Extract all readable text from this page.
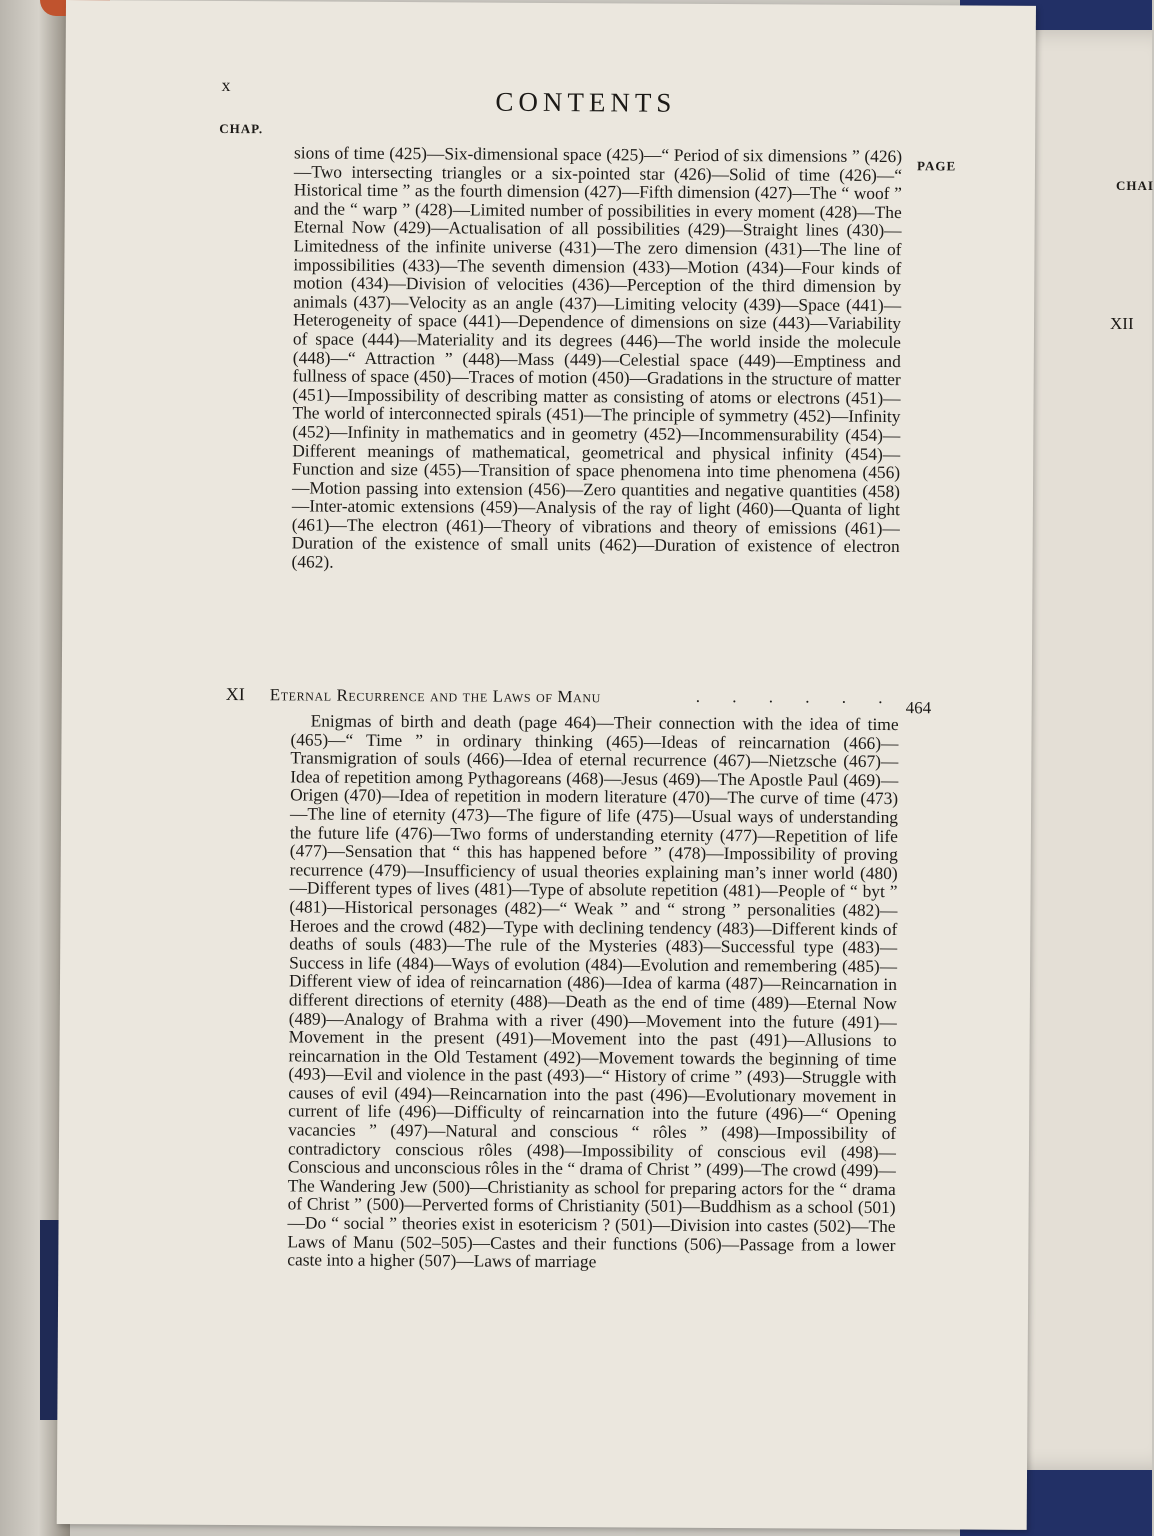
CHAI
XII
x
CONTENTS
CHAP.
PAGE
sions of time (425)—Six-dimensional space (425)—“ Period of six dimensions ” (426)—Two intersecting triangles or a six-pointed star (426)—Solid of time (426)—“ Historical time ” as the fourth dimension (427)—Fifth dimension (427)—The “ woof ” and the “ warp ” (428)—Limited number of possibilities in every moment (428)—The Eternal Now (429)—Actualisation of all possibilities (429)—Straight lines (430)—Limitedness of the infinite universe (431)—The zero dimension (431)—The line of impossibilities (433)—The seventh dimension (433)—Motion (434)—Four kinds of motion (434)—Division of velocities (436)—Perception of the third dimension by animals (437)—Velocity as an angle (437)—Limiting velocity (439)—Space (441)—Heterogeneity of space (441)—Dependence of dimensions on size (443)—Variability of space (444)—Materiality and its degrees (446)—The world inside the molecule (448)—“ Attraction ” (448)—Mass (449)—Celestial space (449)—Emptiness and fullness of space (450)—Traces of motion (450)—Gradations in the structure of matter (451)—Impossibility of describing matter as consisting of atoms or electrons (451)—The world of interconnected spirals (451)—The principle of symmetry (452)—Infinity (452)—Infinity in mathematics and in geometry (452)—Incommensurability (454)—Different meanings of mathematical, geometrical and physical infinity (454)—Function and size (455)—Transition of space phenomena into time phenomena (456)—Motion passing into extension (456)—Zero quantities and negative quantities (458)—Inter-atomic extensions (459)—Analysis of the ray of light (460)—Quanta of light (461)—The electron (461)—Theory of vibrations and theory of emissions (461)—Duration of the existence of small units (462)—Duration of existence of electron (462).
XI Eternal Recurrence and the Laws of Manu	. . . . . .
464
Enigmas of birth and death (page 464)—Their connection with the idea of time (465)—“ Time ” in ordinary thinking (465)—Ideas of reincarnation (466)—Transmigration of souls (466)—Idea of eternal recurrence (467)—Nietzsche (467)—Idea of repetition among Pythagoreans (468)—Jesus (469)—The Apostle Paul (469)—Origen (470)—Idea of repetition in modern literature (470)—The curve of time (473)—The line of eternity (473)—The figure of life (475)—Usual ways of understanding the future life (476)—Two forms of understanding eternity (477)—Repetition of life (477)—Sensation that “ this has happened before ” (478)—Impossibility of proving recurrence (479)—Insufficiency of usual theories explaining man’s inner world (480)—Different types of lives (481)—Type of absolute repetition (481)—People of “ byt ” (481)—Historical personages (482)—“ Weak ” and “ strong ” personalities (482)—Heroes and the crowd (482)—Type with declining tendency (483)—Different kinds of deaths of souls (483)—The rule of the Mysteries (483)—Successful type (483)—Success in life (484)—Ways of evolution (484)—Evolution and remembering (485)—Different view of idea of reincarnation (486)—Idea of karma (487)—Reincarnation in different directions of eternity (488)—Death as the end of time (489)—Eternal Now (489)—Analogy of Brahma with a river (490)—Movement into the future (491)—Movement in the present (491)—Movement into the past (491)—Allusions to reincarnation in the Old Testament (492)—Movement towards the beginning of time (493)—Evil and violence in the past (493)—“ History of crime ” (493)—Struggle with causes of evil (494)—Reincarnation into the past (496)—Evolutionary movement in current of life (496)—Difficulty of reincarnation into the future (496)—“ Opening vacancies ” (497)—Natural and conscious “ rôles ” (498)—Impossibility of contradictory conscious rôles (498)—Impossibility of conscious evil (498)—Conscious and unconscious rôles in the “ drama of Christ ” (499)—The crowd (499)—The Wandering Jew (500)—Christianity as school for preparing actors for the “ drama of Christ ” (500)—Perverted forms of Christianity (501)—Buddhism as a school (501)—Do “ social ” theories exist in esotericism ? (501)—Division into castes (502)—The Laws of Manu (502–505)—Castes and their functions (506)—Passage from a lower caste into a higher (507)—Laws of marriage
